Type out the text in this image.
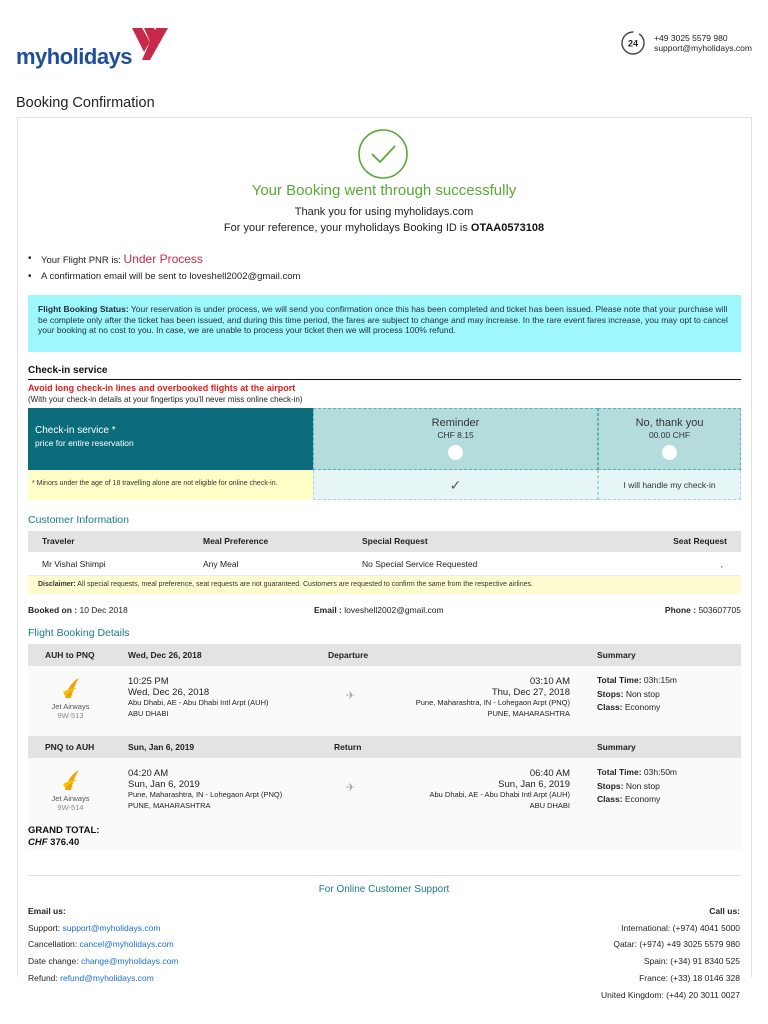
myholidays
24
+49 3025 5579 980
support@myholidays.com
Booking Confirmation
Your Booking went through successfully
Thank you for using myholidays.com
For your reference, your myholidays Booking ID is OTAA0573108
• Your Flight PNR is: Under Process
• A confirmation email will be sent to loveshell2002@gmail.com
Flight Booking Status: Your reservation is under process, we will send you confirmation once this has been completed and ticket has been issued. Please note that your purchase will be complete only after the ticket has been issued, and during this time period, the fares are subject to change and may increase. In the rare event fares increase, you may opt to cancel your booking at no cost to you. In case, we are unable to process your ticket then we will process 100% refund.
Check-in service
Avoid long check-in lines and overbooked flights at the airport
(With your check-in details at your fingertips you'll never miss online check-in)
Check-in service *
price for entire reservation
* Minors under the age of 18 travelling alone are not eligible for online check-in.
Reminder
CHF 8.15
✓
No, thank you
00.00 CHF
I will handle my check-in
Customer Information
Traveler	Meal Preference	Special Request	Seat Request
Mr Vishal Shimpi	Any Meal	No Special Service Requested	,
Disclaimer: All special requests, meal preference, seat requests are not guaranteed. Customers are requested to confirm the same from the respective airlines.
Booked on : 10 Dec 2018	Email : loveshell2002@gmail.com	Phone : 503607705
Flight Booking Details
AUH to PNQ	Wed, Dec 26, 2018	Departure	Summary
Jet Airways
9W-513
10:25 PM
Wed, Dec 26, 2018
Abu Dhabi, AE - Abu Dhabi Intl Arpt (AUH)
ABU DHABI
✈
03:10 AM
Thu, Dec 27, 2018
Pune, Maharashtra, IN - Lohegaon Arpt (PNQ)
PUNE, MAHARASHTRA
Total Time: 03h:15m
Stops: Non stop
Class: Economy
PNQ to AUH	Sun, Jan 6, 2019	Return	Summary
Jet Airways
9W-514
04:20 AM
Sun, Jan 6, 2019
Pune, Maharashtra, IN - Lohegaon Arpt (PNQ)
PUNE, MAHARASHTRA
✈
06:40 AM
Sun, Jan 6, 2019
Abu Dhabi, AE - Abu Dhabi Intl Arpt (AUH)
ABU DHABI
Total Time: 03h:50m
Stops: Non stop
Class: Economy
GRAND TOTAL:
CHF 376.40
For Online Customer Support
Email us:
Support: support@myholidays.com
Cancellation: cancel@myholidays.com
Date change: change@myholidays.com
Refund: refund@myholidays.com
Call us:
International: (+974) 4041 5000
Qatar: (+974) +49 3025 5579 980
Spain: (+34) 91 8340 525
France: (+33) 18 0146 328
United Kingdom: (+44) 20 3011 0027
